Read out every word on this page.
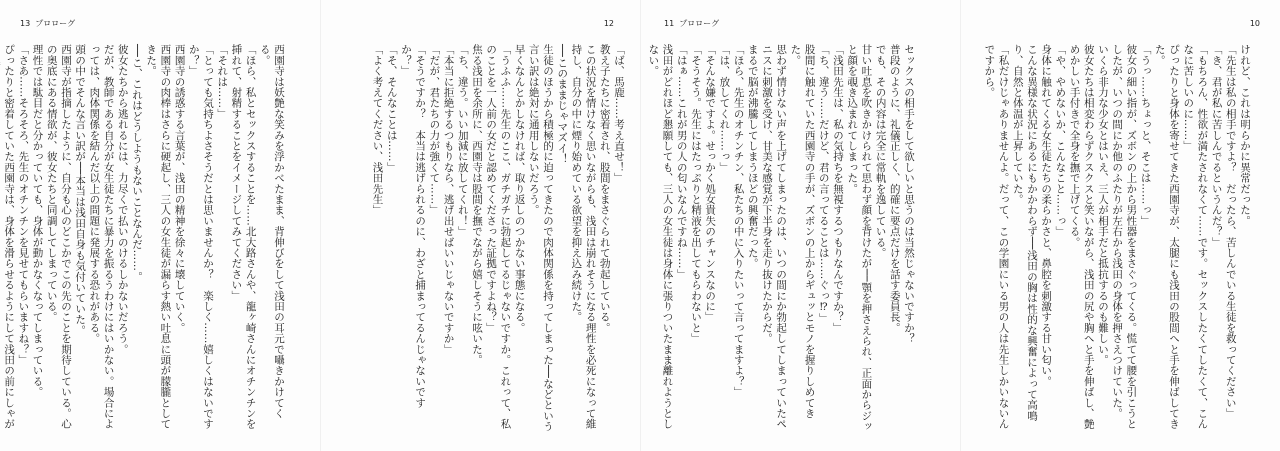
13 プロローグ
西園寺は妖艶な笑みを浮かべたまま、背伸びをして浅田の耳元で囁きかけてくる。
「ほら、私とセックスすることを……北大路さんや、龍ヶ崎さんにオチンチンを挿れて、射精することをイメージしてみてください」
「それは……」
「とっても気持ちよさそうだとは思いませんか？　楽しく……嬉しくはないですか？」
西園寺の誘惑する言葉が、浅田の精神を徐々に壊していく。
西園寺の肉棒はさらに硬起し、三人の女生徒が漏らす熱い吐息に頭が朦朧としてきた。
──こ、これはどうしようもないことなんだ……。
彼女たちから逃れるには、力尽くで払いのけるしかないだろう。
だが、教師である自分が女生徒たちに暴力を振るうわけにはいかない。場合によっては、肉体関係を結んだ以上の問題に発展する恐れがある。
頭の中でそんな言い訳が──本当は浅田自身も気付いていた。
西園寺が指摘したように、自分も心のどこかでこの先のことを期待している。心の奥底にある情欲が、彼女たちと同調してしまっている。
理性では駄目だと分かっていても、身体が動かなくなってしまっている。
「さあ……そろそろ、先生のオチンチンを見せてもらいますね？」
ぴったりと密着していた西園寺は、身体を滑らせるようにして浅田の前にしゃが
12
「ば、馬鹿……考え直せ！」
教え子たちに密着され、股間をまさぐられて勃起している。
この状況を情けなく思いながらも、浅田は崩れそうになる理性を必死になって維持し、自分の中に煙り始めている欲望を抑え込み続けた。
──このままじゃマズイ！
生徒のほうから積極的に迫ってきたので肉体関係を持ってしまった──などという言い訳は絶対に通用しないだろう。
早くなんとかしなければ、取り返しのつかない事態になる。
「うふふ……先生のここ、ガチガチに勃起してるじゃないですか。これって、私のことを一人前の女だと認めてくださった証拠ですよね？」
焦る浅田を余所に、西園寺は股間を撫でながら嬉しそうに呟いた。
「ち、違う。いい加減に放してくれ！」
「本当に拒絶するつもりなら、逃げ出せばいいじゃないですか」
「だが、君たちの力が強くて……」
「そうですか？　本当は逃げられるのに、わざと捕まってるんじゃないですか？」
「そ、そんなことは……」
「よく考えてください、浅田先生」
11 プロローグ
セックスの相手をして欲しいと思うのは当然じゃないですか？
普段のように、礼儀正しく、的確に要点だけを話す委員長。
でも、その内容は完全に常軌を逸している。
甘い吐息を吹きかけられて思わず顔を背けたが──顎を押さえられ、正面からジッと顔を覗き込まれてしまった。
「浅田先生は、私の気持ちを無視するつもりなんですか？」
「ち、違う……だけど、君の言ってることは……ぐっ⁉」
股間に触れていた西園寺の手が、ズボンの上からギュッとモノを握りしめてきた。
思わず情けない声を上げてしまったのは、いつの間にか勃起してしまっていたペニスに刺激を受け、甘美な感覚が下半身を走り抜けたからだ。
まるで脳が沸騰してしまうほどの興奮だった。
「ほら、先生のオチンチン、私たちの中に入りたいって言ってますよ？」
「は、放してくれ……っ」
「そんな嫌ですよ。せっかく処女貴失のチャンスなのに」
「そうそう。先生にはたっぷりと精液を出してもらわないと」
「はぁ……これが男の人の匂いなんですね……」
浅田がどれほど懇願しても、三人の女生徒は身体に張りついたまま離れようとしない。
10
けれど、これは明らかに異常だった。
「先生は私の相手ですよ？　だったら、苦しんでいる生徒を救ってください」
「き、君が私に苦しんでるというんだ？」
「もちろん、性欲が満たされなくて……です。セックスしたくてしたくて、こんなに苦しいのに……」
ぴったりと身体を寄せてきた西園寺が、太腿にも浅田の股間へと手を伸ばしてきた。
「うっ……ちょっと、そこは……っ」
彼女の細い指が、ズボンの上から男性器をまさぐってくる。慌てて腰を引こうとしたが、いつの間にか他のふたりが左右から浅田の身体を押さえつけていた。
いくら非力な少女とはいえ、三人が相手だと抵抗するのも難しい。
彼女たちは相変わらずクスクスと笑いながら、浅田の尻や胸へと手を伸ばし、艶めかしい手付きで全身を撫で上げてくる。
「や、やめないか、こんなこと……っ」
身体に触れてくる女生徒たちの柔らかさと、鼻腔を刺激する甘い匂い。
こんな異様な状況にあるにもかかわらず──浅田の胸は性的な興奮によって高鳴り、自然と体温が上昇していた。
「私だけじゃありませんよ。だって、この学園にいる男の人は先生しかいないんですから。
